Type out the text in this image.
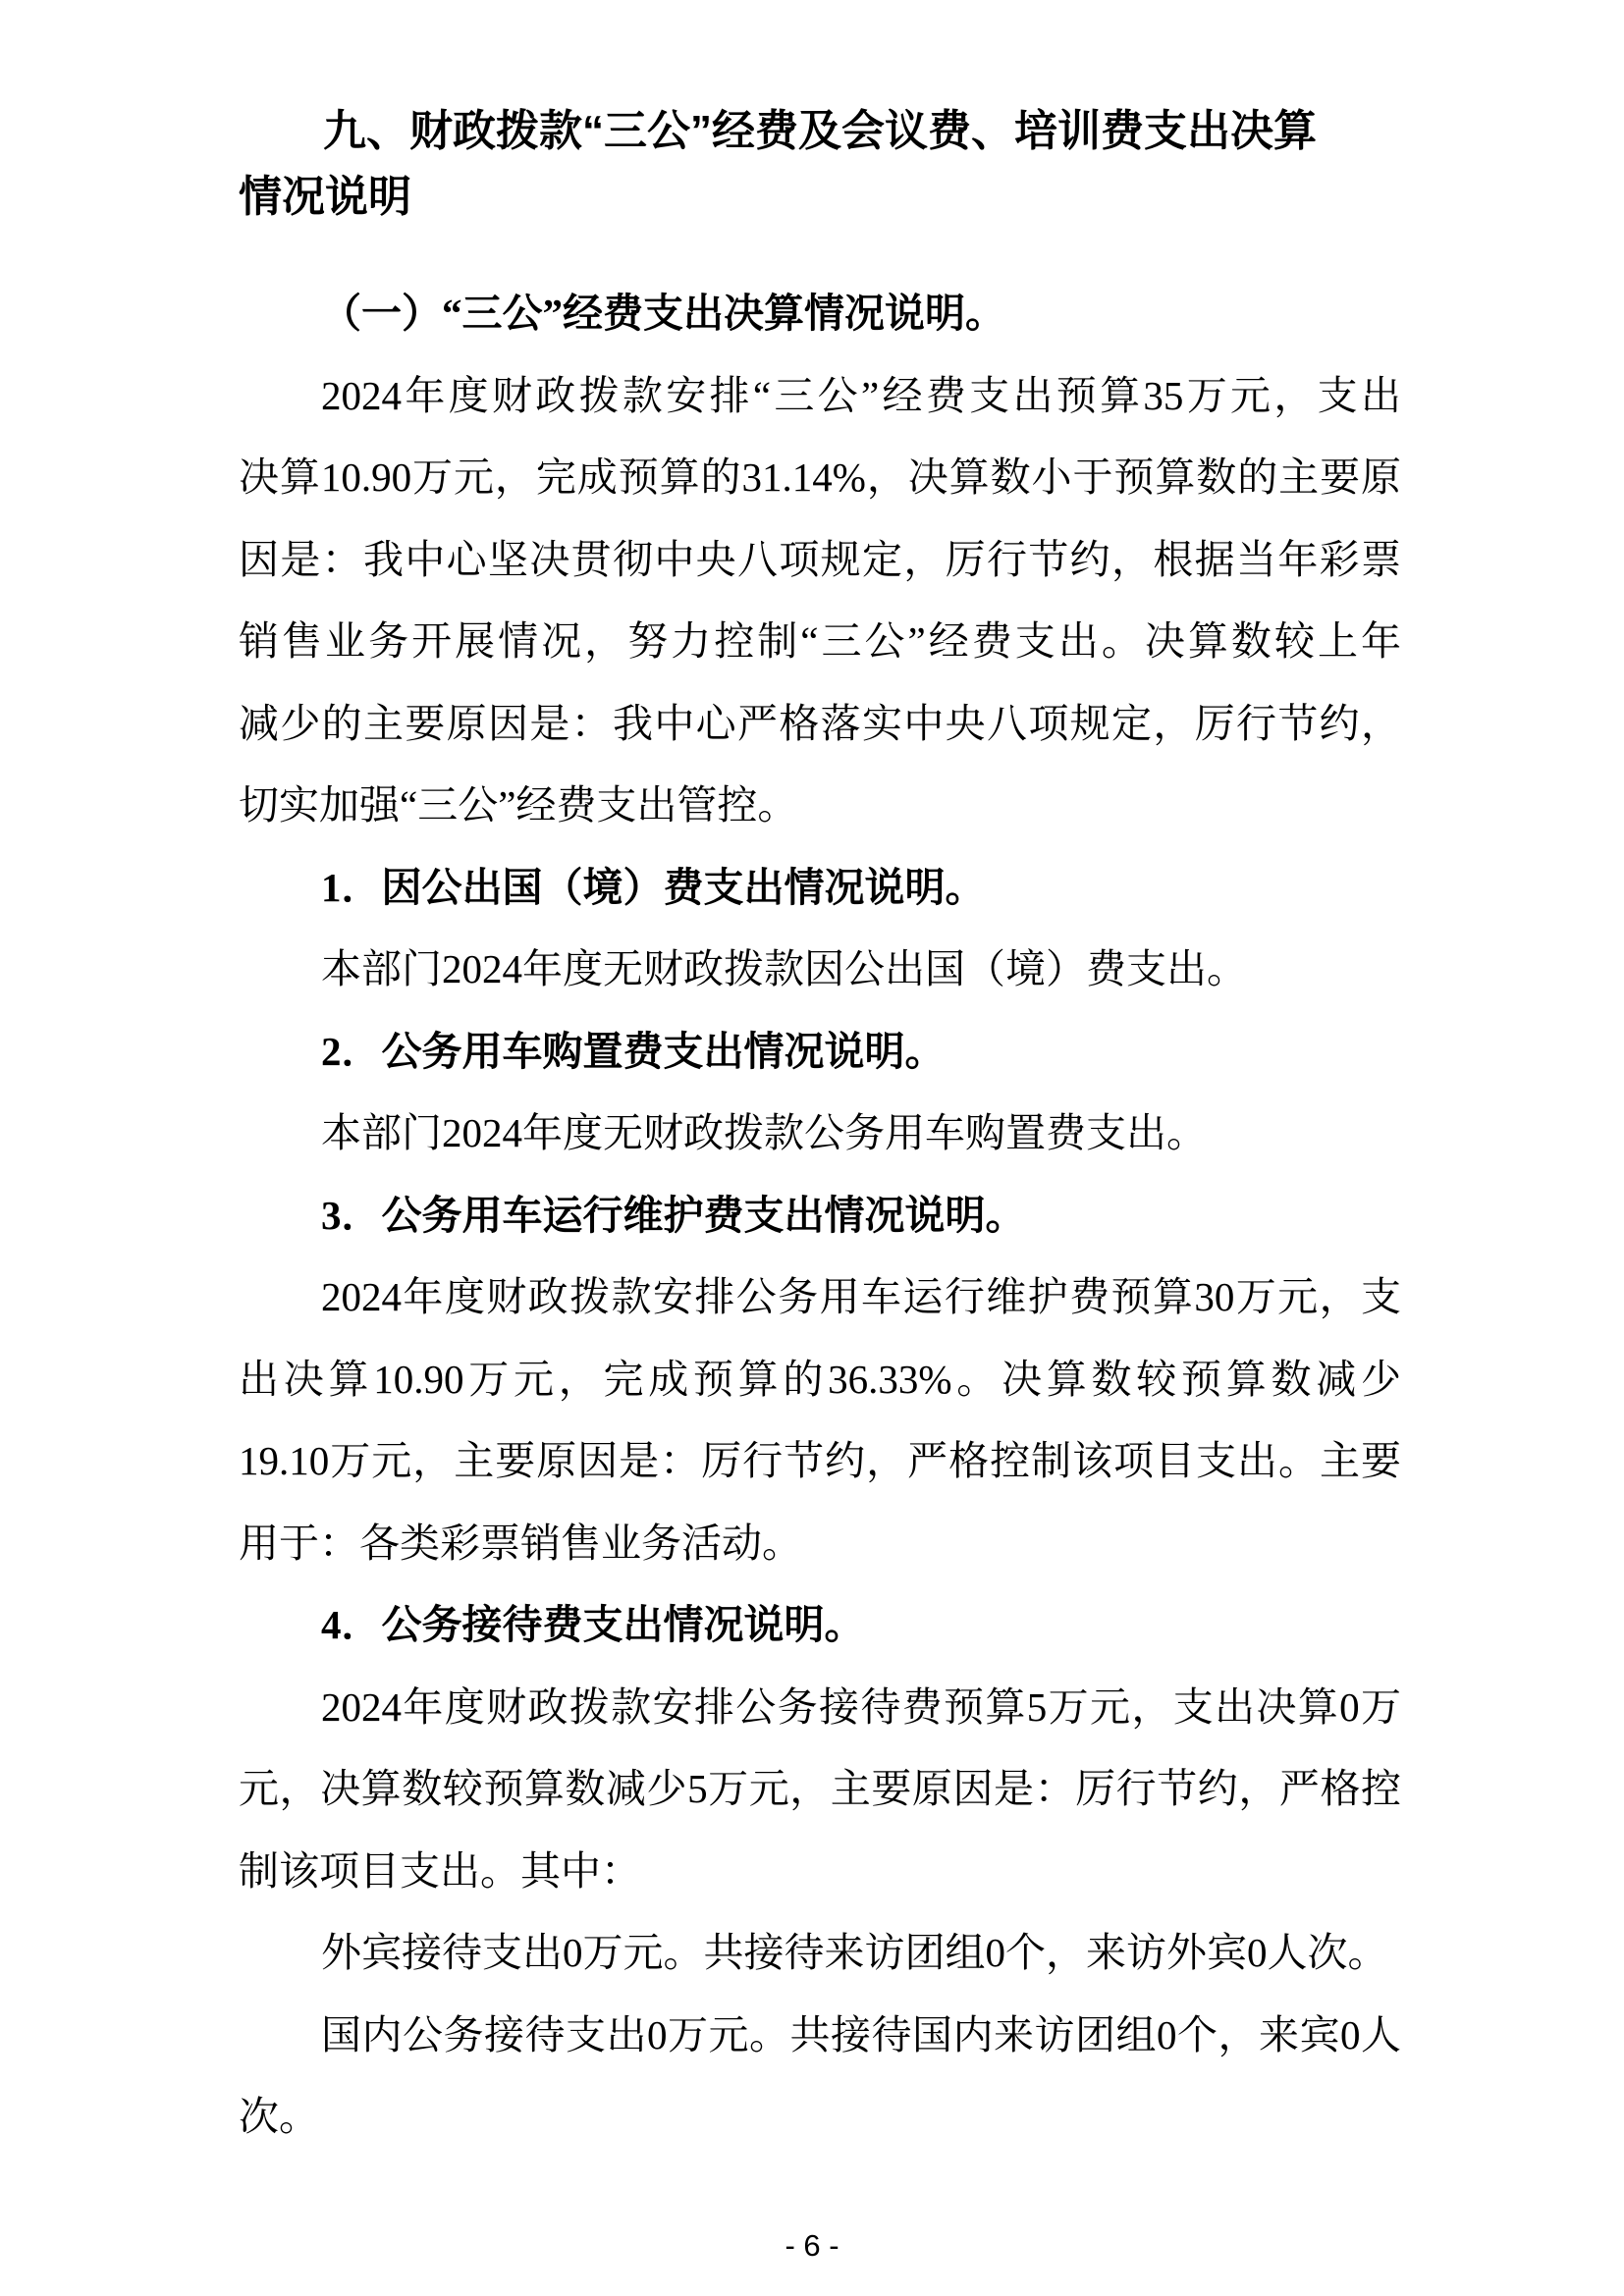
九、财政拨款“三公”经费及会议费、培训费支出决算
情况说明
（一）“三公”经费支出决算情况说明。
2024年度财政拨款安排“三公”经费支出预算35万元，支出
决算10.90万元，完成预算的31.14%，决算数小于预算数的主要原
因是：我中心坚决贯彻中央八项规定，厉行节约，根据当年彩票
销售业务开展情况，努力控制“三公”经费支出。决算数较上年
减少的主要原因是：我中心严格落实中央八项规定，厉行节约，
切实加强“三公”经费支出管控。
1．因公出国（境）费支出情况说明。
本部门2024年度无财政拨款因公出国（境）费支出。
2．公务用车购置费支出情况说明。
本部门2024年度无财政拨款公务用车购置费支出。
3．公务用车运行维护费支出情况说明。
2024年度财政拨款安排公务用车运行维护费预算30万元，支
出决算10.90万元，完成预算的36.33%。决算数较预算数减少
19.10万元，主要原因是：厉行节约，严格控制该项目支出。主要
用于：各类彩票销售业务活动。
4．公务接待费支出情况说明。
2024年度财政拨款安排公务接待费预算5万元，支出决算0万
元，决算数较预算数减少5万元，主要原因是：厉行节约，严格控
制该项目支出。其中：
外宾接待支出0万元。共接待来访团组0个，来访外宾0人次。
国内公务接待支出0万元。共接待国内来访团组0个，来宾0人
次。
- 6 -
